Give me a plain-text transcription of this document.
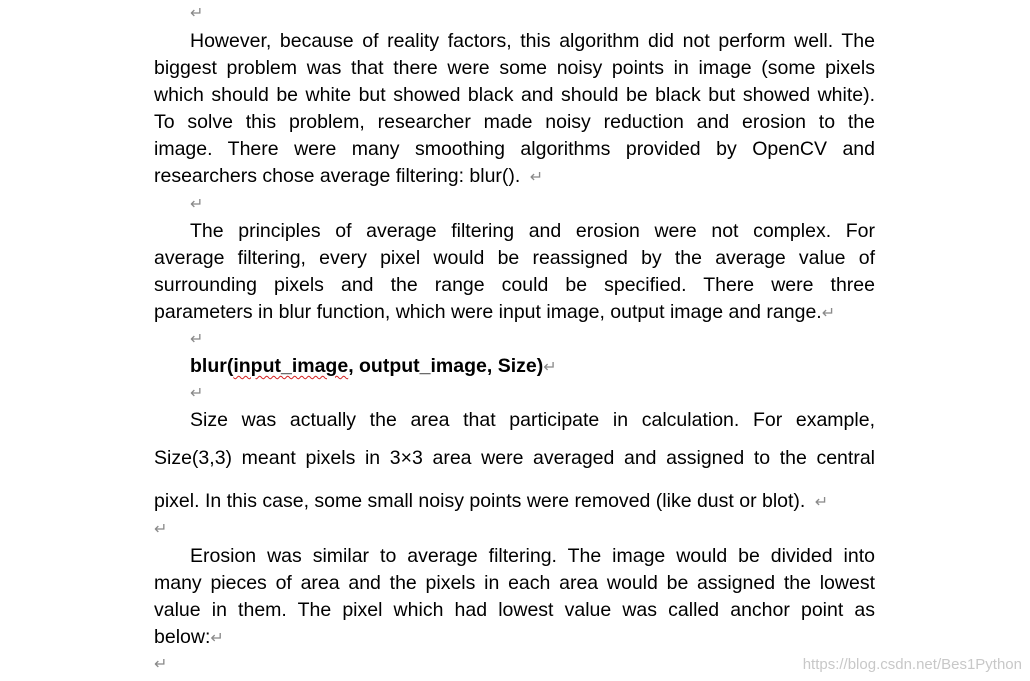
↵
However, because of reality factors, this algorithm did not perform well. The
biggest problem was that there were some noisy points in image (some pixels
which should be white but showed black and should be black but showed white).
To solve this problem, researcher made noisy reduction and erosion to the
image. There were many smoothing algorithms provided by OpenCV and
researchers chose average filtering: blur(). ↵
↵
The principles of average filtering and erosion were not complex. For
average filtering, every pixel would be reassigned by the average value of
surrounding pixels and the range could be specified. There were three
parameters in blur function, which were input image, output image and range.↵
↵
blur(input_image, output_image, Size)↵
↵
Size was actually the area that participate in calculation. For example,
Size(3,3) meant pixels in 3×3 area were averaged and assigned to the central
pixel. In this case, some small noisy points were removed (like dust or blot). ↵
↵
Erosion was similar to average filtering. The image would be divided into
many pieces of area and the pixels in each area would be assigned the lowest
value in them. The pixel which had lowest value was called anchor point as
below:↵
↵	https://blog.csdn.net/Bes1Python
